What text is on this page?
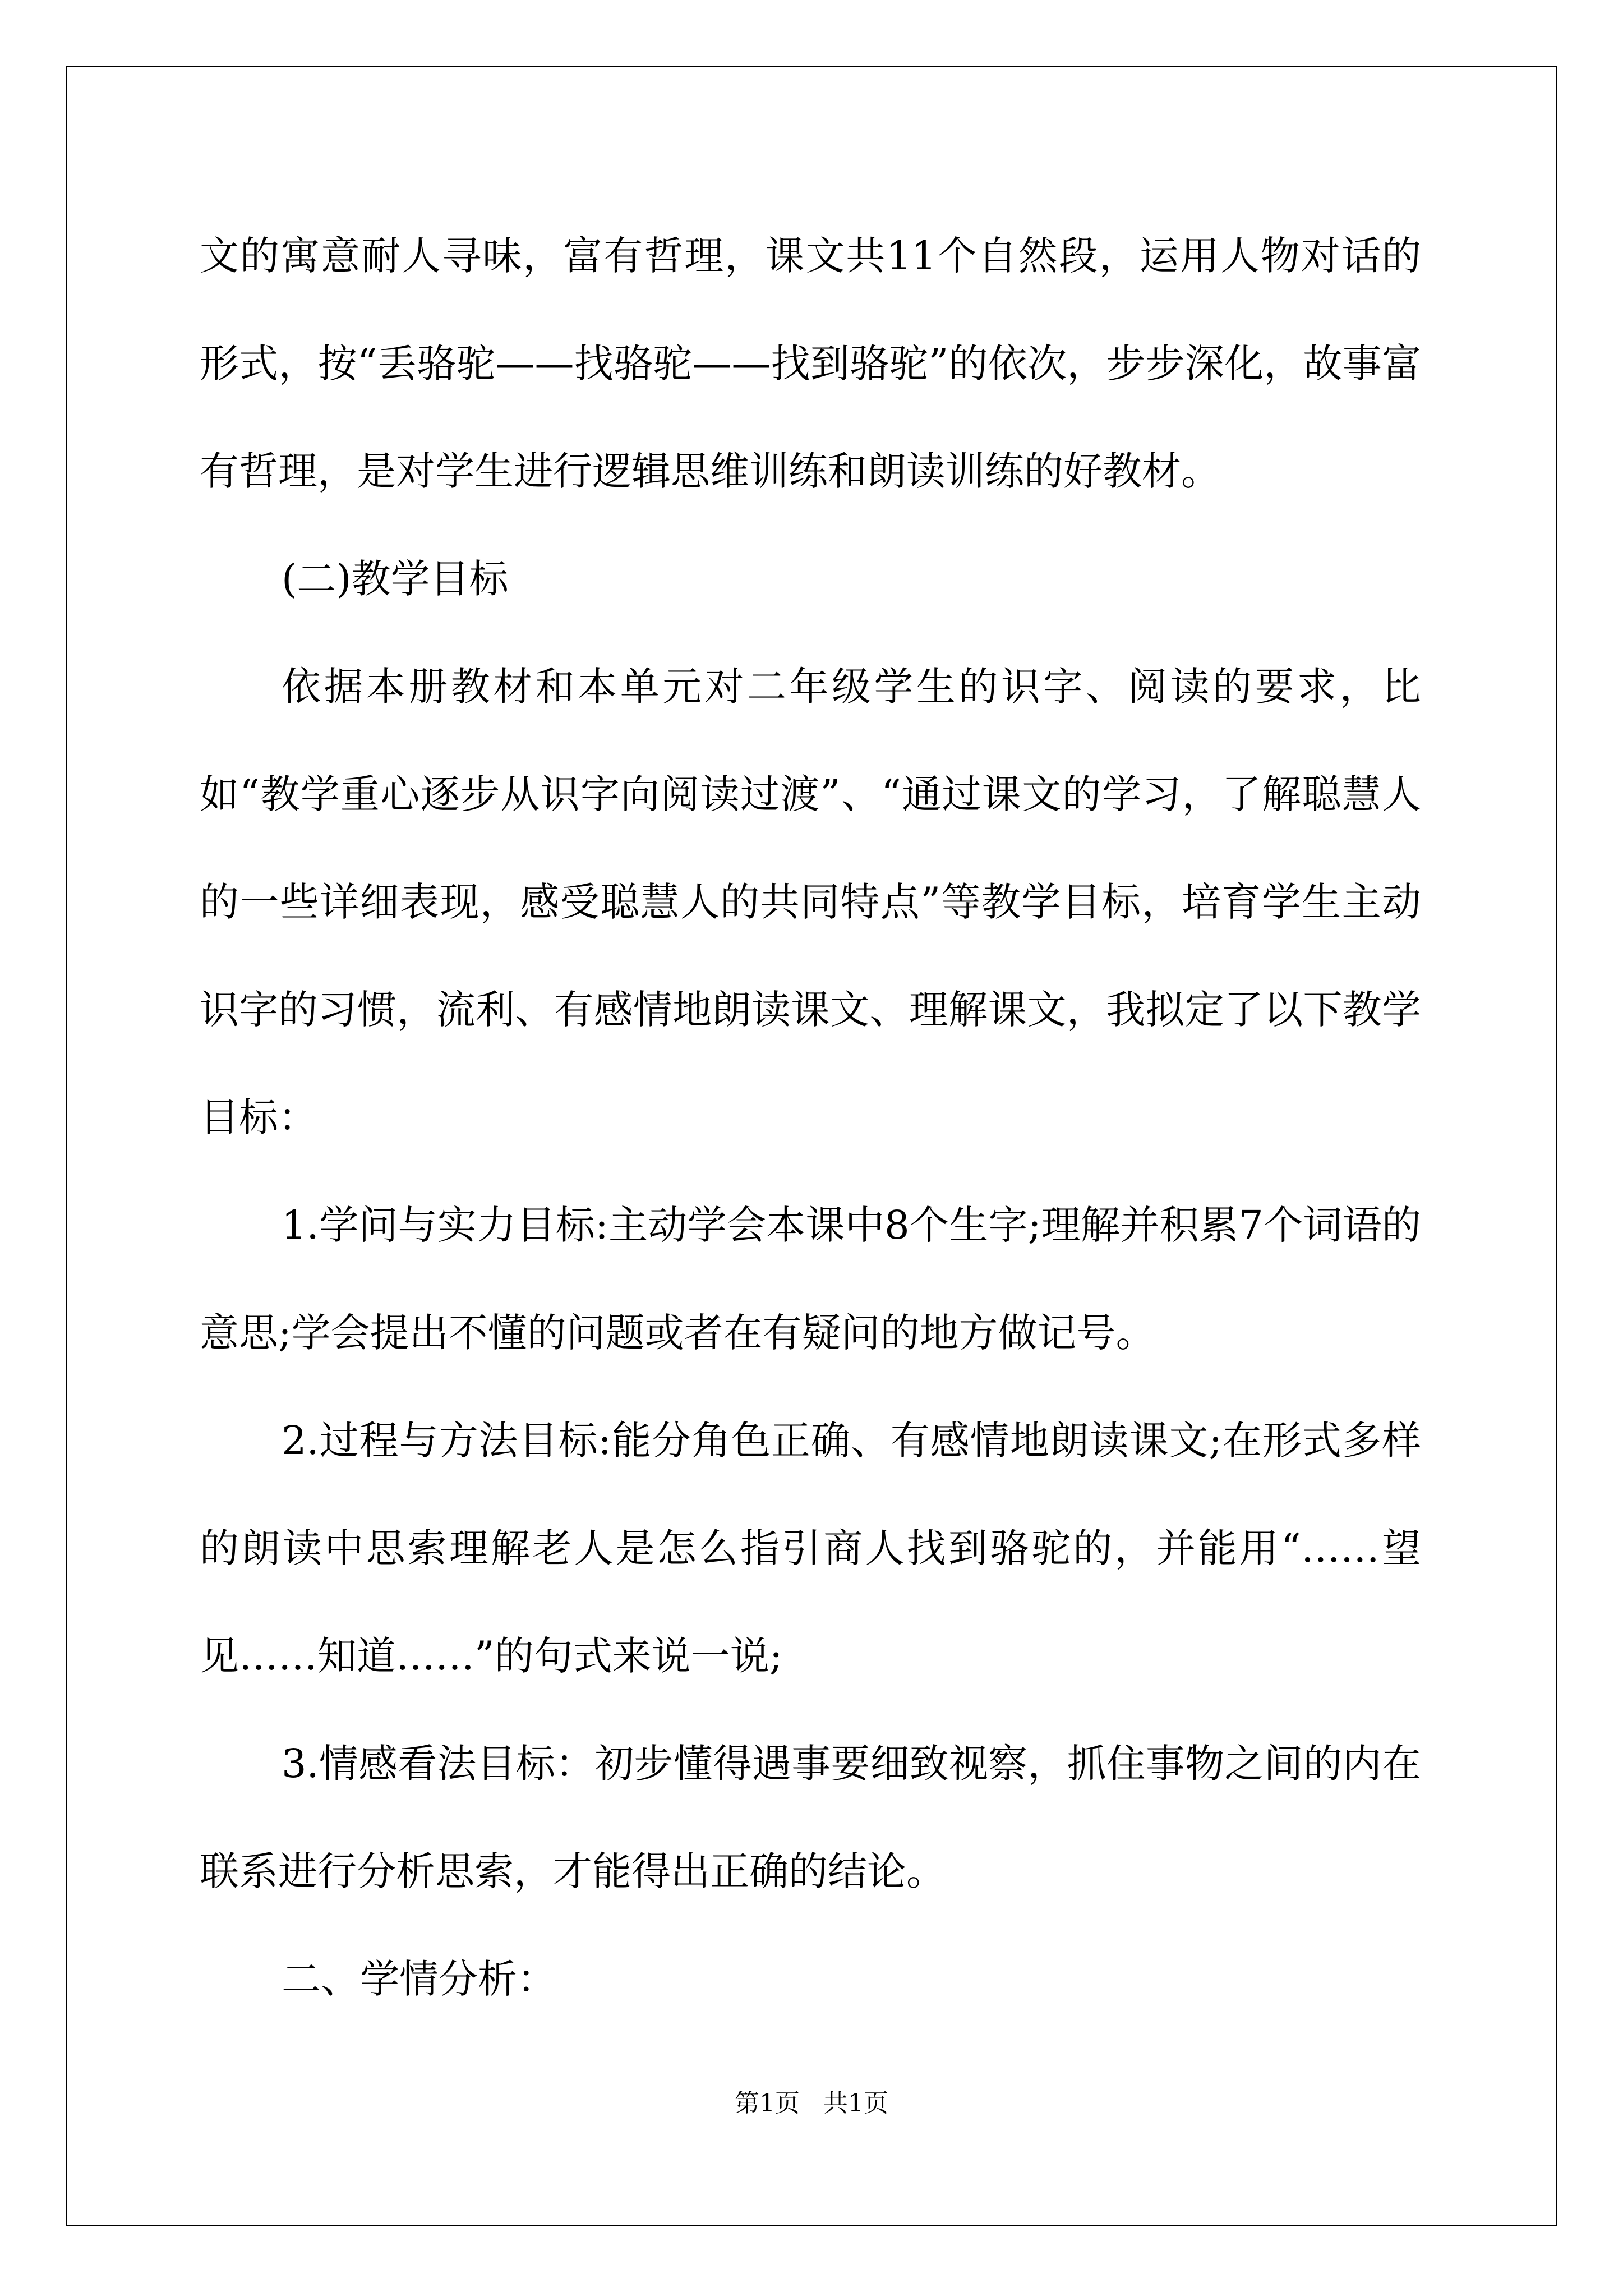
文的寓意耐人寻味，富有哲理，课文共11个自然段，运用人物对话的形式，按“丢骆驼——找骆驼——找到骆驼”的依次，步步深化，故事富有哲理，是对学生进行逻辑思维训练和朗读训练的好教材。

(二)教学目标

依据本册教材和本单元对二年级学生的识字、阅读的要求，比如“教学重心逐步从识字向阅读过渡”、“通过课文的学习，了解聪慧人的一些详细表现，感受聪慧人的共同特点”等教学目标，培育学生主动识字的习惯，流利、有感情地朗读课文、理解课文，我拟定了以下教学目标：

1.学问与实力目标:主动学会本课中8个生字;理解并积累7个词语的意思;学会提出不懂的问题或者在有疑问的地方做记号。

2.过程与方法目标:能分角色正确、有感情地朗读课文;在形式多样的朗读中思索理解老人是怎么指引商人找到骆驼的，并能用“……望见……知道……”的句式来说一说;

3.情感看法目标：初步懂得遇事要细致视察，抓住事物之间的内在联系进行分析思索，才能得出正确的结论。

二、学情分析：

第1页 共1页
